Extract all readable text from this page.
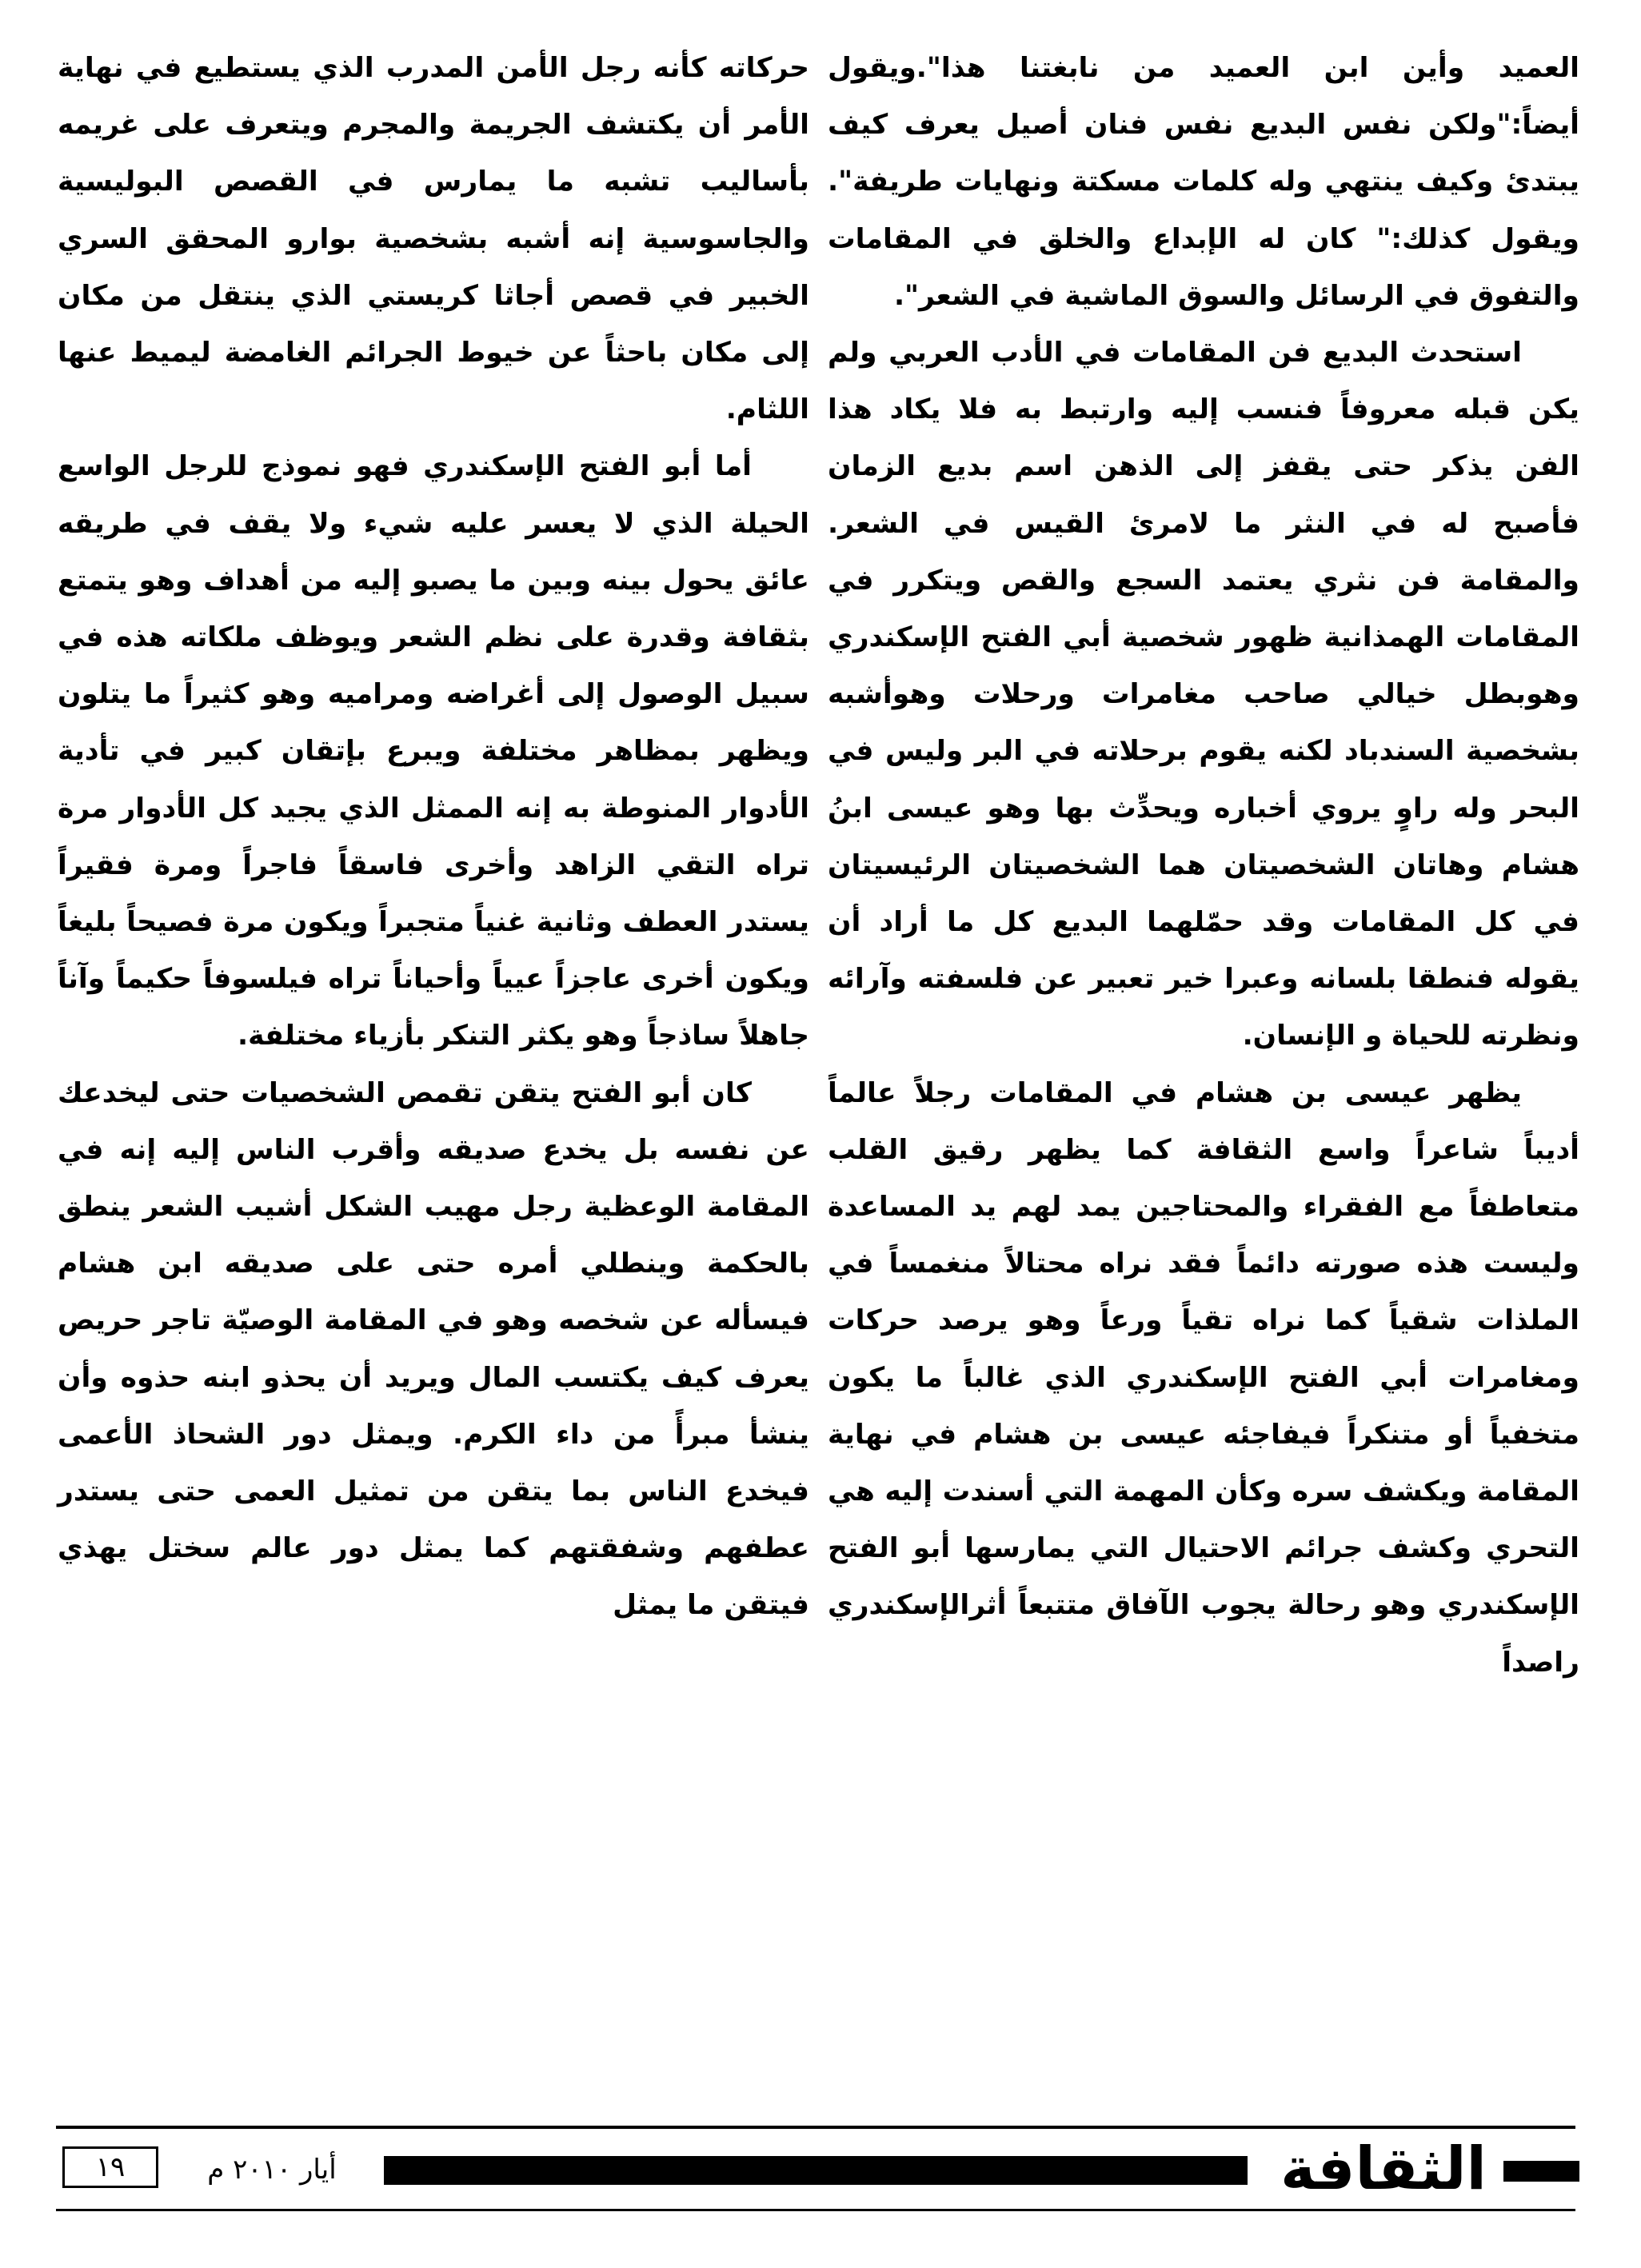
العميد وأين ابن العميد من نابغتنا هذا".ويقول أيضاً:"ولكن نفس البديع نفس فنان أصيل يعرف كيف يبتدئ وكيف ينتهي وله كلمات مسكتة ونهايات طريفة". ويقول كذلك:" كان له الإبداع والخلق في المقامات والتفوق في الرسائل والسوق الماشية في الشعر".

استحدث البديع فن المقامات في الأدب العربي ولم يكن قبله معروفاً فنسب إليه وارتبط به فلا يكاد هذا الفن يذكر حتى يقفز إلى الذهن اسم بديع الزمان فأصبح له في النثر ما لامرئ القيس في الشعر. والمقامة فن نثري يعتمد السجع والقص ويتكرر في المقامات الهمذانية ظهور شخصية أبي الفتح الإسكندري وهوبطل خيالي صاحب مغامرات ورحلات وهوأشبه بشخصية السندباد لكنه يقوم برحلاته في البر وليس في البحر وله راوٍ يروي أخباره ويحدِّث بها وهو عيسى ابنُ هشام وهاتان الشخصيتان هما الشخصيتان الرئيسيتان في كل المقامات وقد حمّلهما البديع كل ما أراد أن يقوله فنطقا بلسانه وعبرا خير تعبير عن فلسفته وآرائه ونظرته للحياة و الإنسان.

يظهر عيسى بن هشام في المقامات رجلاً عالماً أديباً شاعراً واسع الثقافة كما يظهر رقيق القلب متعاطفاً مع الفقراء والمحتاجين يمد لهم يد المساعدة وليست هذه صورته دائماً فقد نراه محتالاً منغمساً في الملذات شقياً كما نراه تقياً ورعاً وهو يرصد حركات ومغامرات أبي الفتح الإسكندري الذي غالباً ما يكون متخفياً أو متنكراً فيفاجئه عيسى بن هشام في نهاية المقامة ويكشف سره وكأن المهمة التي أسندت إليه هي التحري وكشف جرائم الاحتيال التي يمارسها أبو الفتح الإسكندري وهو رحالة يجوب الآفاق متتبعاً أثرالإسكندري راصداً

حركاته كأنه رجل الأمن المدرب الذي يستطيع في نهاية الأمر أن يكتشف الجريمة والمجرم ويتعرف على غريمه بأساليب تشبه ما يمارس في القصص البوليسية والجاسوسية إنه أشبه بشخصية بوارو المحقق السري الخبير في قصص أجاثا كريستي الذي ينتقل من مكان إلى مكان باحثاً عن خيوط الجرائم الغامضة ليميط عنها اللثام.

أما أبو الفتح الإسكندري فهو نموذج للرجل الواسع الحيلة الذي لا يعسر عليه شيء ولا يقف في طريقه عائق يحول بينه وبين ما يصبو إليه من أهداف وهو يتمتع بثقافة وقدرة على نظم الشعر ويوظف ملكاته هذه في سبيل الوصول إلى أغراضه ومراميه وهو كثيراً ما يتلون ويظهر بمظاهر مختلفة ويبرع بإتقان كبير في تأدية الأدوار المنوطة به إنه الممثل الذي يجيد كل الأدوار مرة تراه التقي الزاهد وأخرى فاسقاً فاجراً ومرة فقيراً يستدر العطف وثانية غنياً متجبراً ويكون مرة فصيحاً بليغاً ويكون أخرى عاجزاً عيياً وأحياناً تراه فيلسوفاً حكيماً وآناً جاهلاً ساذجاً وهو يكثر التنكر بأزياء مختلفة.

كان أبو الفتح يتقن تقمص الشخصيات حتى ليخدعك عن نفسه بل يخدع صديقه وأقرب الناس إليه إنه في المقامة الوعظية رجل مهيب الشكل أشيب الشعر ينطق بالحكمة وينطلي أمره حتى على صديقه ابن هشام فيسأله عن شخصه وهو في المقامة الوصيّة تاجر حريص يعرف كيف يكتسب المال ويريد أن يحذو ابنه حذوه وأن ينشأ مبرأً من داء الكرم. ويمثل دور الشحاذ الأعمى فيخدع الناس بما يتقن من تمثيل العمى حتى يستدر عطفهم وشفقتهم كما يمثل دور عالم سختل يهذي فيتقن ما يمثل

الثقافة
أيار ٢٠١٠ م
١٩
